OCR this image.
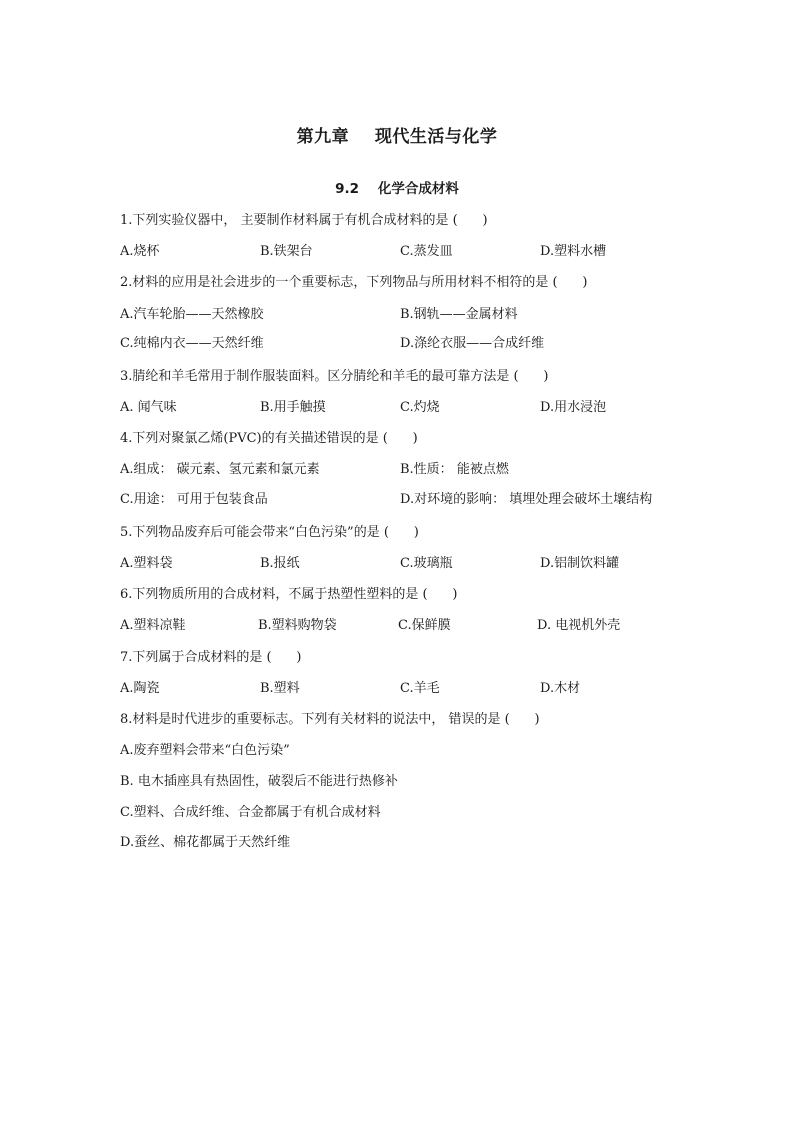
第九章    现代生活与化学
9.2    化学合成材料
1.下列实验仪器中， 主要制作材料属于有机合成材料的是 (      )
A.烧杯	B.铁架台	C.蒸发皿	D.塑料水槽
2.材料的应用是社会进步的一个重要标志，下列物品与所用材料不相符的是 (      )
A.汽车轮胎——天然橡胶	B.钢轨——金属材料
C.纯棉内衣——天然纤维	D.涤纶衣服——合成纤维
3.腈纶和羊毛常用于制作服装面料。区分腈纶和羊毛的最可靠方法是 (      )
A. 闻气味	B.用手触摸	C.灼烧	D.用水浸泡
4.下列对聚氯乙烯(PVC)的有关描述错误的是 (      )
A.组成： 碳元素、氢元素和氯元素	B.性质： 能被点燃
C.用途： 可用于包装食品	D.对环境的影响： 填埋处理会破坏土壤结构
5.下列物品废弃后可能会带来“白色污染”的是 (      )
A.塑料袋	B.报纸	C.玻璃瓶	D.铝制饮料罐
6.下列物质所用的合成材料，不属于热塑性塑料的是 (      )
A.塑料凉鞋	B.塑料购物袋	C.保鲜膜	D. 电视机外壳
7.下列属于合成材料的是 (      )
A.陶瓷	B.塑料	C.羊毛	D.木材
8.材料是时代进步的重要标志。下列有关材料的说法中， 错误的是 (      )
A.废弃塑料会带来“白色污染”
B. 电木插座具有热固性，破裂后不能进行热修补
C.塑料、合成纤维、合金都属于有机合成材料
D.蚕丝、棉花都属于天然纤维
